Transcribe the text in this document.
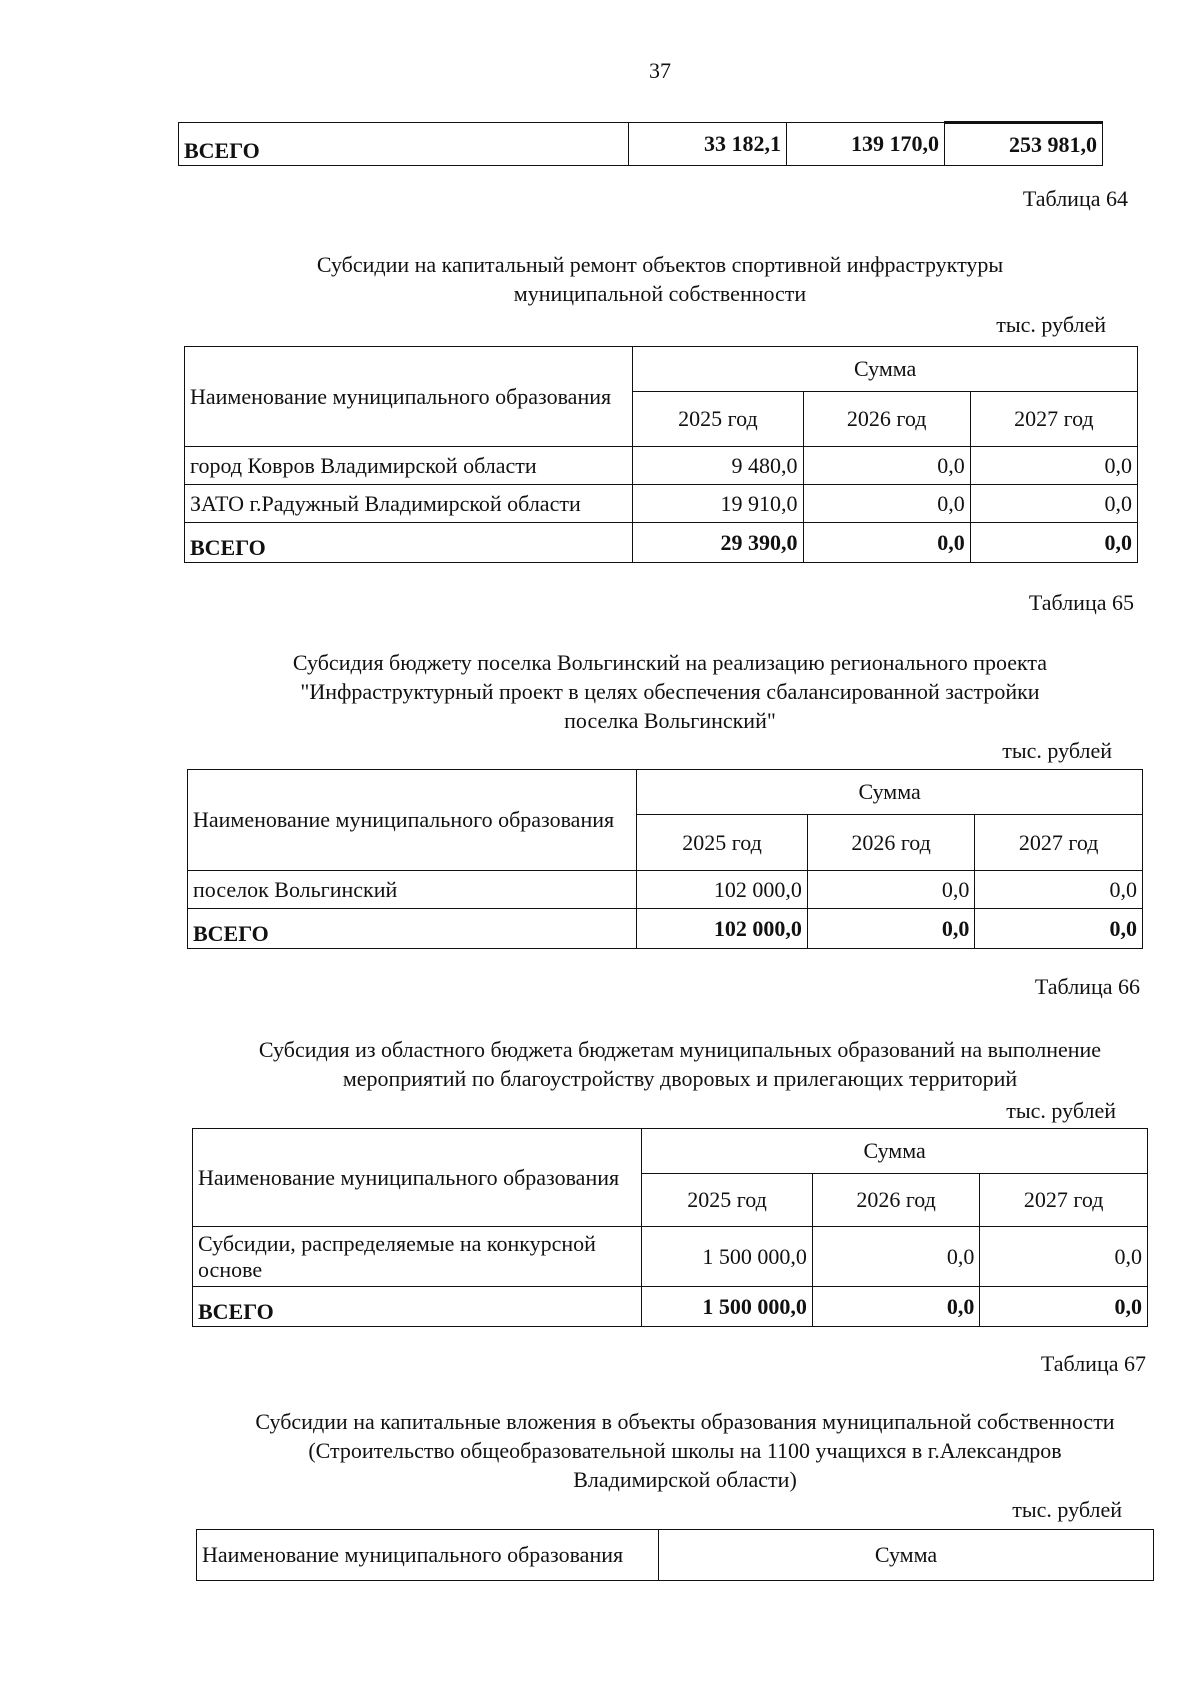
37
ВСЕГО	33 182,1	139 170,0	253 981,0
Таблица 64
Субсидии на капитальный ремонт объектов спортивной инфраструктуры
муниципальной собственности
тыс. рублей
Наименование муниципального образования	Сумма		
	2025 год	2026 год	2027 год
город Ковров Владимирской области	9 480,0	0,0	0,0
ЗАТО г.Радужный Владимирской области	19 910,0	0,0	0,0
ВСЕГО	29 390,0	0,0	0,0
Таблица 65
Субсидия бюджету поселка Вольгинский на реализацию регионального проекта
"Инфраструктурный проект в целях обеспечения сбалансированной застройки
поселка Вольгинский"
тыс. рублей
Наименование муниципального образования	Сумма		
	2025 год	2026 год	2027 год
поселок Вольгинский	102 000,0	0,0	0,0
ВСЕГО	102 000,0	0,0	0,0
Таблица 66
Субсидия из областного бюджета бюджетам муниципальных образований на выполнение
мероприятий по благоустройству дворовых и прилегающих территорий
тыс. рублей
Наименование муниципального образования	Сумма		
	2025 год	2026 год	2027 год
Субсидии, распределяемые на конкурсной основе	1 500 000,0	0,0	0,0
ВСЕГО	1 500 000,0	0,0	0,0
Таблица 67
Субсидии на капитальные вложения в объекты образования муниципальной собственности
(Строительство общеобразовательной школы на 1100 учащихся в г.Александров
Владимирской области)
тыс. рублей
Наименование муниципального образования	Сумма
